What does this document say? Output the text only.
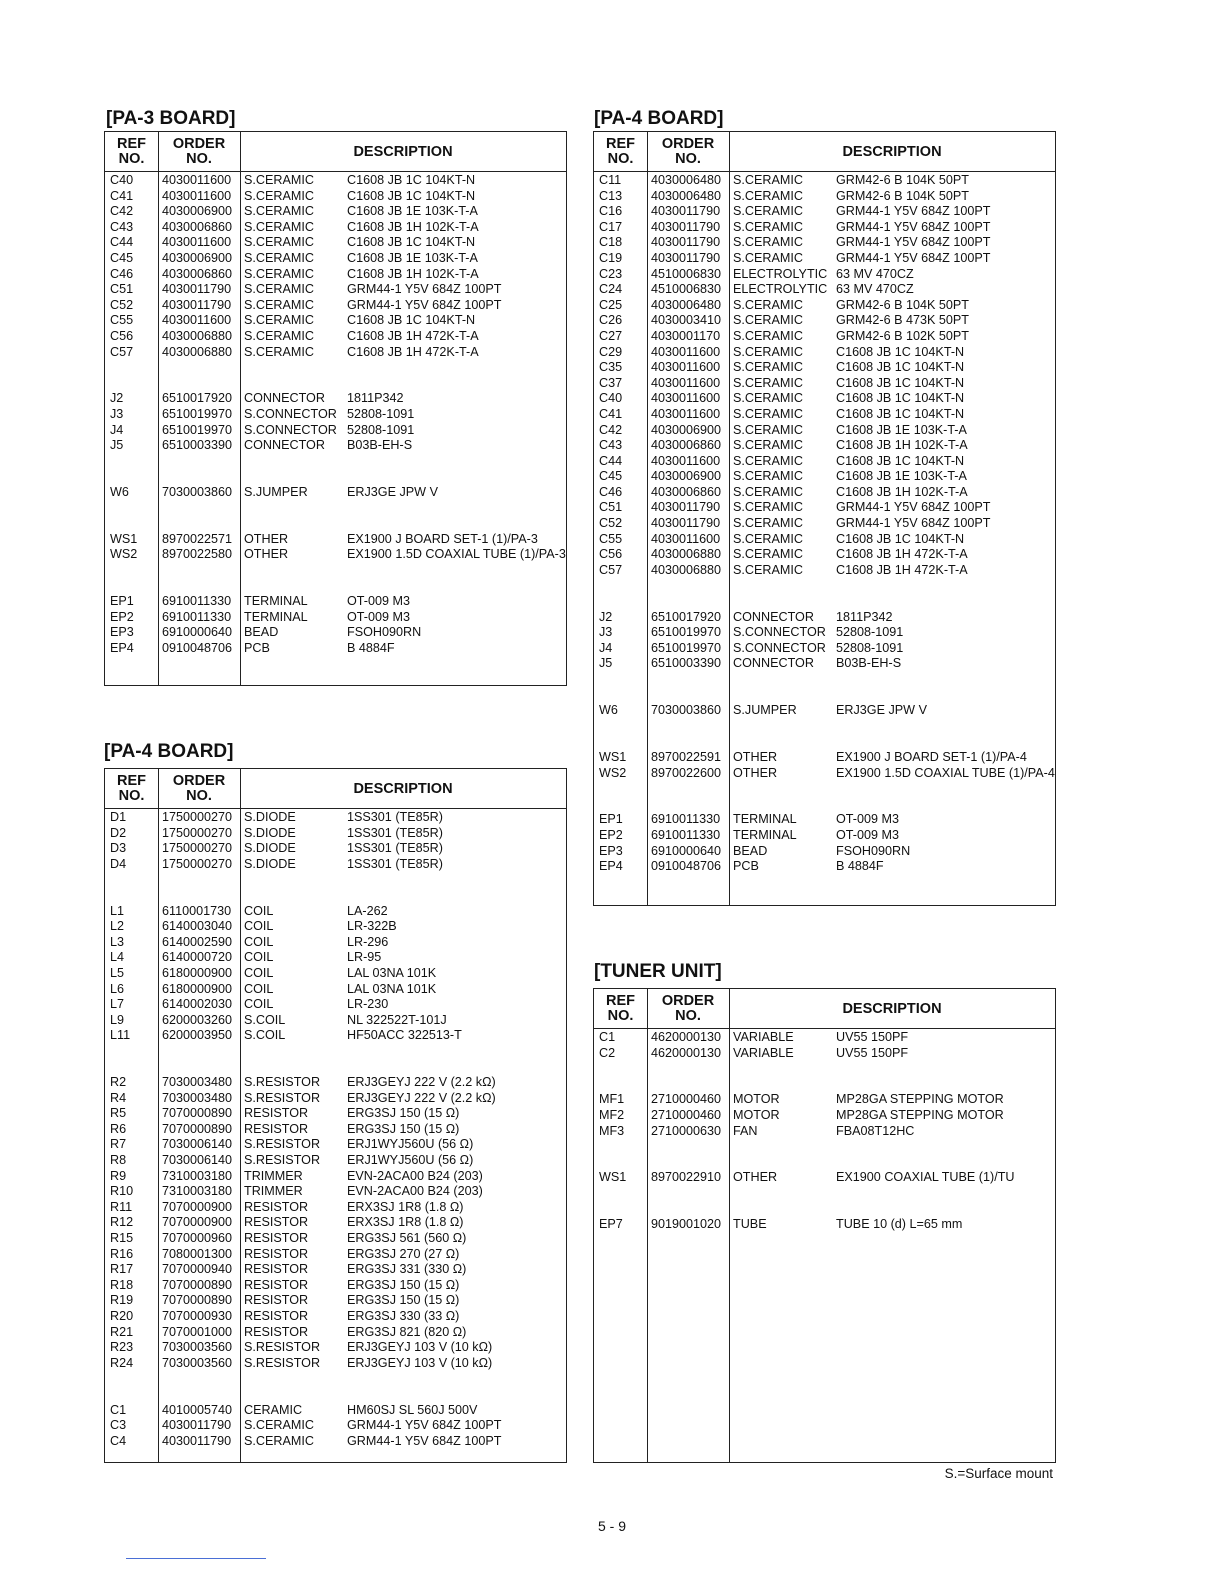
[PA-3 BOARD]
REF
NO.
ORDER
NO.	DESCRIPTION
C40 4030011600 S.CERAMIC	C1608 JB 1C 104KT-N
C41 4030011600 S.CERAMIC	C1608 JB 1C 104KT-N
C42 4030006900 S.CERAMIC	C1608 JB 1E 103K-T-A
C43 4030006860 S.CERAMIC	C1608 JB 1H 102K-T-A
C44 4030011600 S.CERAMIC	C1608 JB 1C 104KT-N
C45 4030006900 S.CERAMIC	C1608 JB 1E 103K-T-A
C46 4030006860 S.CERAMIC	C1608 JB 1H 102K-T-A
C51 4030011790 S.CERAMIC	GRM44-1 Y5V 684Z 100PT
C52 4030011790 S.CERAMIC	GRM44-1 Y5V 684Z 100PT
C55 4030011600 S.CERAMIC	C1608 JB 1C 104KT-N
C56 4030006880 S.CERAMIC	C1608 JB 1H 472K-T-A
C57 4030006880 S.CERAMIC	C1608 JB 1H 472K-T-A
J2	6510017920 CONNECTOR 1811P342
J3	6510019970 S.CONNECTOR 52808-1091
J4	6510019970 S.CONNECTOR 52808-1091
J5	6510003390 CONNECTOR B03B-EH-S
W6	7030003860 S.JUMPER	ERJ3GE JPW V
WS1 8970022571 OTHER	EX1900 J BOARD SET-1 (1)/PA-3
WS2 8970022580 OTHER	EX1900 1.5D COAXIAL TUBE (1)/PA-3
EP1 6910011330 TERMINAL	OT-009 M3
EP2 6910011330 TERMINAL	OT-009 M3
EP3 6910000640 BEAD	FSOH090RN
EP4 0910048706 PCB	B 4884F
[PA-4 BOARD]
REF
NO.
ORDER
NO.	DESCRIPTION
D1	1750000270 S.DIODE	1SS301 (TE85R)
D2	1750000270 S.DIODE	1SS301 (TE85R)
D3	1750000270 S.DIODE	1SS301 (TE85R)
D4	1750000270 S.DIODE	1SS301 (TE85R)
L1	6110001730 COIL	LA-262
L2	6140003040 COIL	LR-322B
L3	6140002590 COIL	LR-296
L4	6140000720 COIL	LR-95
L5	6180000900 COIL	LAL 03NA 101K
L6	6180000900 COIL	LAL 03NA 101K
L7	6140002030 COIL	LR-230
L9	6200003260 S.COIL	NL 322522T-101J
L11	6200003950 S.COIL	HF50ACC 322513-T
R2	7030003480 S.RESISTOR ERJ3GEYJ 222 V (2.2 kΩ)
R4	7030003480 S.RESISTOR ERJ3GEYJ 222 V (2.2 kΩ)
R5	7070000890 RESISTOR	ERG3SJ 150 (15 Ω)
R6	7070000890 RESISTOR	ERG3SJ 150 (15 Ω)
R7	7030006140 S.RESISTOR ERJ1WYJ560U (56 Ω)
R8	7030006140 S.RESISTOR ERJ1WYJ560U (56 Ω)
R9	7310003180 TRIMMER	EVN-2ACA00 B24 (203)
R10 7310003180 TRIMMER	EVN-2ACA00 B24 (203)
R11 7070000900 RESISTOR	ERX3SJ 1R8 (1.8 Ω)
R12 7070000900 RESISTOR	ERX3SJ 1R8 (1.8 Ω)
R15 7070000960 RESISTOR	ERG3SJ 561 (560 Ω)
R16 7080001300 RESISTOR	ERG3SJ 270 (27 Ω)
R17 7070000940 RESISTOR	ERG3SJ 331 (330 Ω)
R18 7070000890 RESISTOR	ERG3SJ 150 (15 Ω)
R19 7070000890 RESISTOR	ERG3SJ 150 (15 Ω)
R20 7070000930 RESISTOR	ERG3SJ 330 (33 Ω)
R21 7070001000 RESISTOR	ERG3SJ 821 (820 Ω)
R23 7030003560 S.RESISTOR ERJ3GEYJ 103 V (10 kΩ)
R24 7030003560 S.RESISTOR ERJ3GEYJ 103 V (10 kΩ)
C1	4010005740 CERAMIC	HM60SJ SL 560J 500V
C3	4030011790 S.CERAMIC	GRM44-1 Y5V 684Z 100PT
C4	4030011790 S.CERAMIC	GRM44-1 Y5V 684Z 100PT
[PA-4 BOARD]
REF
NO.
ORDER
NO.	DESCRIPTION
C11 4030006480 S.CERAMIC	GRM42-6 B 104K 50PT
C13 4030006480 S.CERAMIC	GRM42-6 B 104K 50PT
C16 4030011790 S.CERAMIC	GRM44-1 Y5V 684Z 100PT
C17 4030011790 S.CERAMIC	GRM44-1 Y5V 684Z 100PT
C18 4030011790 S.CERAMIC	GRM44-1 Y5V 684Z 100PT
C19 4030011790 S.CERAMIC	GRM44-1 Y5V 684Z 100PT
C23 4510006830 ELECTROLYTIC 63 MV 470CZ
C24 4510006830 ELECTROLYTIC 63 MV 470CZ
C25 4030006480 S.CERAMIC	GRM42-6 B 104K 50PT
C26 4030003410 S.CERAMIC	GRM42-6 B 473K 50PT
C27 4030001170 S.CERAMIC	GRM42-6 B 102K 50PT
C29 4030011600 S.CERAMIC	C1608 JB 1C 104KT-N
C35 4030011600 S.CERAMIC	C1608 JB 1C 104KT-N
C37 4030011600 S.CERAMIC	C1608 JB 1C 104KT-N
C40 4030011600 S.CERAMIC	C1608 JB 1C 104KT-N
C41 4030011600 S.CERAMIC	C1608 JB 1C 104KT-N
C42 4030006900 S.CERAMIC	C1608 JB 1E 103K-T-A
C43 4030006860 S.CERAMIC	C1608 JB 1H 102K-T-A
C44 4030011600 S.CERAMIC	C1608 JB 1C 104KT-N
C45 4030006900 S.CERAMIC	C1608 JB 1E 103K-T-A
C46 4030006860 S.CERAMIC	C1608 JB 1H 102K-T-A
C51 4030011790 S.CERAMIC	GRM44-1 Y5V 684Z 100PT
C52 4030011790 S.CERAMIC	GRM44-1 Y5V 684Z 100PT
C55 4030011600 S.CERAMIC	C1608 JB 1C 104KT-N
C56 4030006880 S.CERAMIC	C1608 JB 1H 472K-T-A
C57 4030006880 S.CERAMIC	C1608 JB 1H 472K-T-A
J2	6510017920 CONNECTOR 1811P342
J3	6510019970 S.CONNECTOR 52808-1091
J4	6510019970 S.CONNECTOR 52808-1091
J5	6510003390 CONNECTOR B03B-EH-S
W6	7030003860 S.JUMPER	ERJ3GE JPW V
WS1 8970022591 OTHER	EX1900 J BOARD SET-1 (1)/PA-4
WS2 8970022600 OTHER	EX1900 1.5D COAXIAL TUBE (1)/PA-4
EP1 6910011330 TERMINAL	OT-009 M3
EP2 6910011330 TERMINAL	OT-009 M3
EP3 6910000640 BEAD	FSOH090RN
EP4 0910048706 PCB	B 4884F
[TUNER UNIT]
REF
NO.
ORDER
NO.	DESCRIPTION
C1	4620000130 VARIABLE	UV55 150PF
C2	4620000130 VARIABLE	UV55 150PF
MF1 2710000460 MOTOR	MP28GA STEPPING MOTOR
MF2 2710000460 MOTOR	MP28GA STEPPING MOTOR
MF3 2710000630 FAN	FBA08T12HC
WS1 8970022910 OTHER	EX1900 COAXIAL TUBE (1)/TU
EP7 9019001020 TUBE	TUBE 10 (d) L=65 mm
S.=Surface mount
5 - 9
